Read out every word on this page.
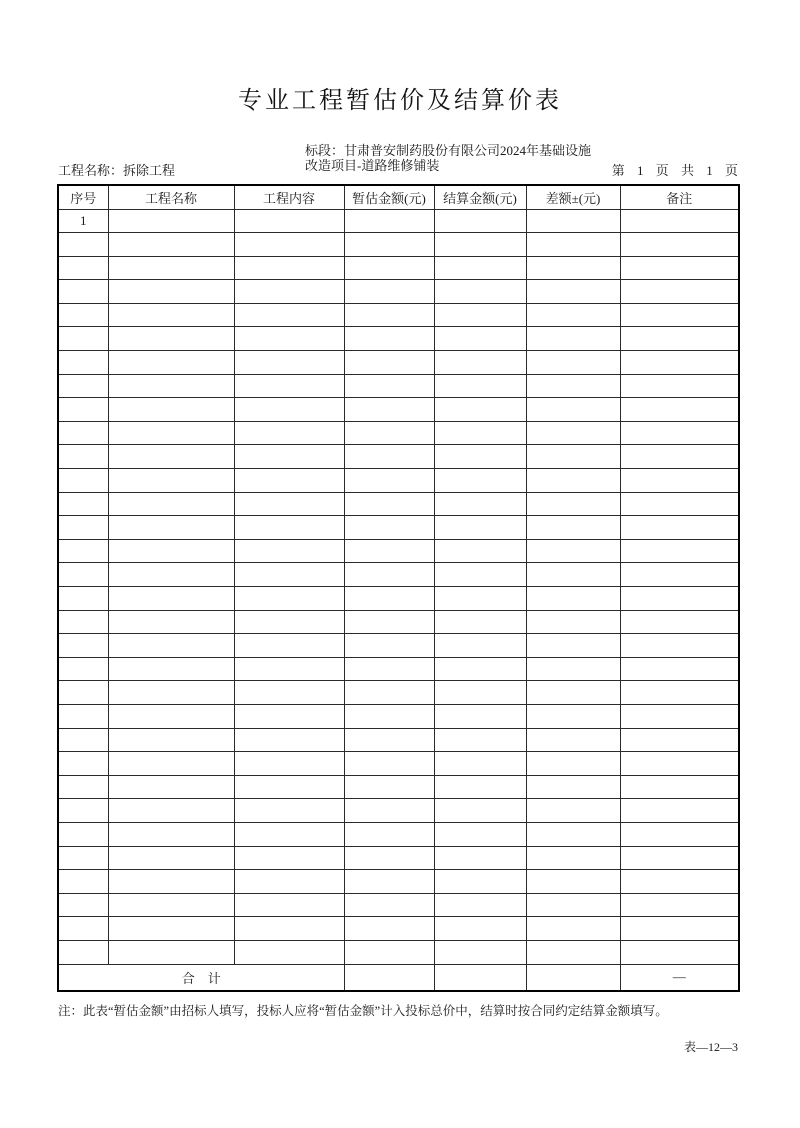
专业工程暂估价及结算价表
工程名称：拆除工程
标段：甘肃普安制药股份有限公司2024年基础设施改造项目-道路维修铺装	第 1 页 共 1 页
序号	工程名称	工程内容	暂估金额(元)	结算金额(元)	差额±(元)	备注
1						

合　计						—
注：此表“暂估金额”由招标人填写，投标人应将“暂估金额”计入投标总价中，结算时按合同约定结算金额填写。
表—12—3
